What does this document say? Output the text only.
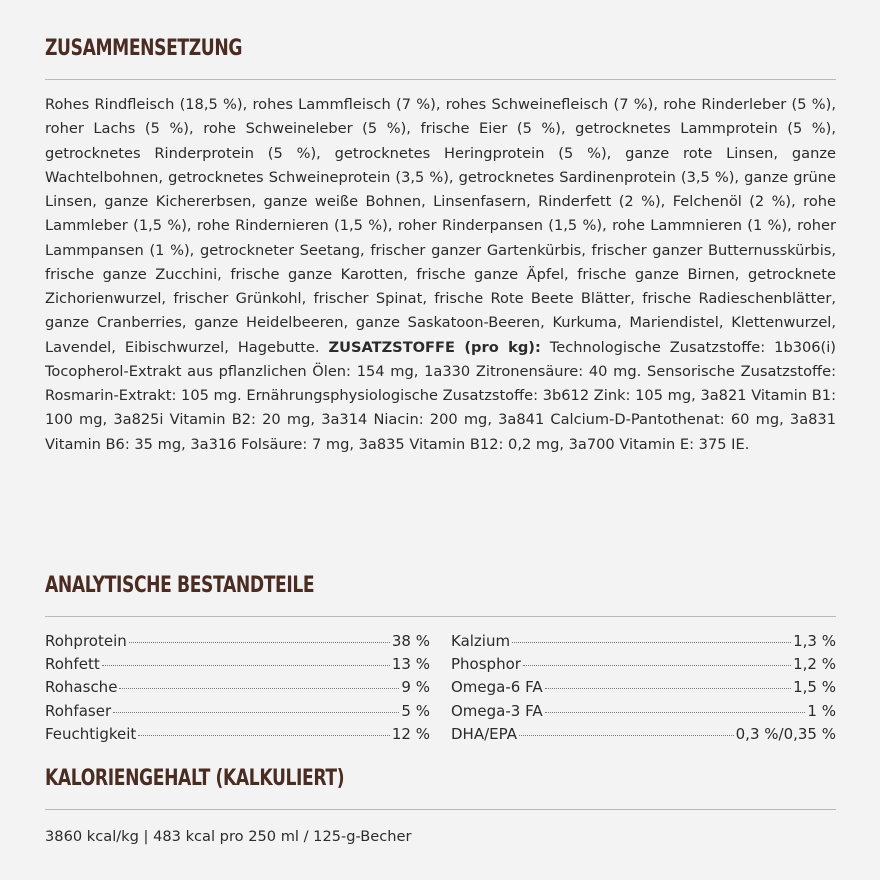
ZUSAMMENSETZUNG
Rohes Rindfleisch (18,5 %), rohes Lammfleisch (7 %), rohes Schweinefleisch (7 %), rohe Rinderleber (5 %), roher Lachs (5 %), rohe Schweineleber (5 %), frische Eier (5 %), getrocknetes Lammprotein (5 %), getrocknetes Rinderprotein (5 %), getrocknetes Heringprotein (5 %), ganze rote Linsen, ganze Wachtelbohnen, getrocknetes Schweineprotein (3,5 %), getrocknetes Sardinenprotein (3,5 %), ganze grüne Linsen, ganze Kichererbsen, ganze weiße Bohnen, Linsenfasern, Rinderfett (2 %), Felchenöl (2 %), rohe Lammleber (1,5 %), rohe Rindernieren (1,5 %), roher Rinderpansen (1,5 %), rohe Lammnieren (1 %), roher Lammpansen (1 %), getrockneter Seetang, frischer ganzer Gartenkürbis, frischer ganzer Butternusskürbis, frische ganze Zucchini, frische ganze Karotten, frische ganze Äpfel, frische ganze Birnen, getrocknete Zichorienwurzel, frischer Grünkohl, frischer Spinat, frische Rote Beete Blätter, frische Radieschenblätter, ganze Cranberries, ganze Heidelbeeren, ganze Saskatoon-Beeren, Kurkuma, Mariendistel, Klettenwurzel, Lavendel, Eibischwurzel, Hagebutte. ZUSATZSTOFFE (pro kg): Technologische Zusatzstoffe: 1b306(i) Tocopherol-Extrakt aus pflanzlichen Ölen: 154 mg, 1a330 Zitronensäure: 40 mg. Sensorische Zusatzstoffe: Rosmarin-Extrakt: 105 mg. Ernährungsphysiologische Zusatzstoffe: 3b612 Zink: 105 mg, 3a821 Vitamin B1: 100 mg, 3a825i Vitamin B2: 20 mg, 3a314 Niacin: 200 mg, 3a841 Calcium-D-Pantothenat: 60 mg, 3a831 Vitamin B6: 35 mg, 3a316 Folsäure: 7 mg, 3a835 Vitamin B12: 0,2 mg, 3a700 Vitamin E: 375 IE.
ANALYTISCHE BESTANDTEILE
Rohprotein	38 %
Rohfett	13 %
Rohasche	9 %
Rohfaser	5 %
Feuchtigkeit	12 %
Kalzium	1,3 %
Phosphor	1,2 %
Omega-6 FA	1,5 %
Omega-3 FA	1 %
DHA/EPA	0,3 %/0,35 %
KALORIENGEHALT (KALKULIERT)
3860 kcal/kg | 483 kcal pro 250 ml / 125-g-Becher
